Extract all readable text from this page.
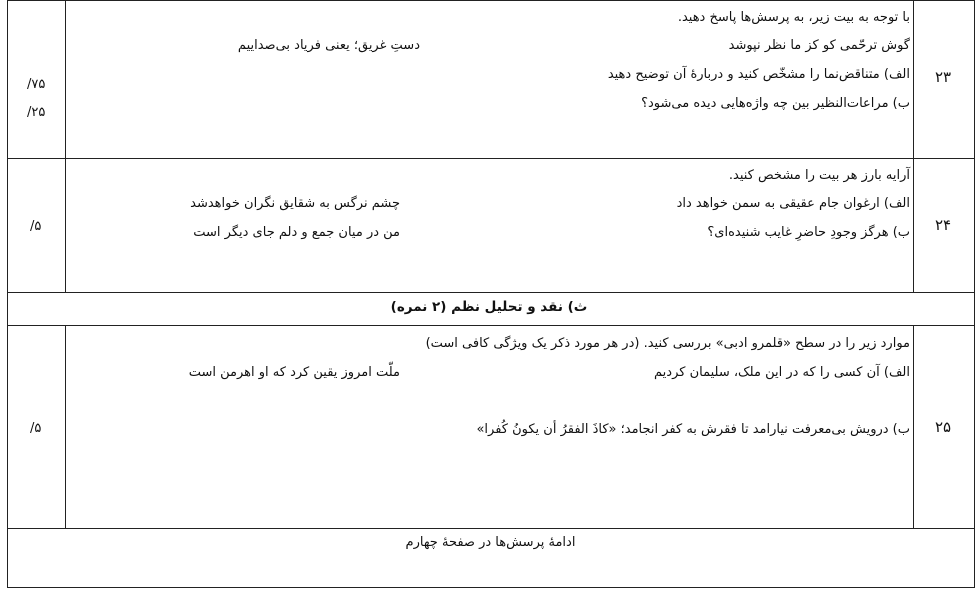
۲۳
با توجه به بیت زیر، به پرسش‌ها پاسخ دهید.
گوش ترحّمی کو کز ما نظر نپوشد
دستِ غریق؛ یعنی فریاد بی‌صداییم
الف) متناقض‌نما را مشخّص کنید و دربارهٔ آن توضیح دهید
ب) مراعات‌النظیر بین چه واژه‌هایی دیده می‌شود؟
/۷۵
/۲۵
۲۴
آرایه بارز هر بیت را مشخص کنید.
الف) ارغوان جام عقیقی به سمن خواهد داد
چشم نرگس به شقایق نگران خواهدشد
ب) هرگز وجودِ حاضرِ غایب شنیده‌ای؟
من در میان جمع و دلم جای دیگر است
/۵
ث) نقد و تحلیل نظم (۲ نمره)
۲۵
موارد زیر را در سطح «قلمرو ادبی» بررسی کنید. (در هر مورد ذکر یک ویژگی کافی است)
الف) آن کسی را که در این ملک، سلیمان کردیم
ملّت امروز یقین کرد که او اهرمن است
ب) درویش بی‌معرفت نیارامد تا فقرش به کفر انجامد؛ «کاذَ الفقرُ أن یکونُ کُفرا»
/۵
ادامهٔ پرسش‌ها در صفحهٔ چهارم
